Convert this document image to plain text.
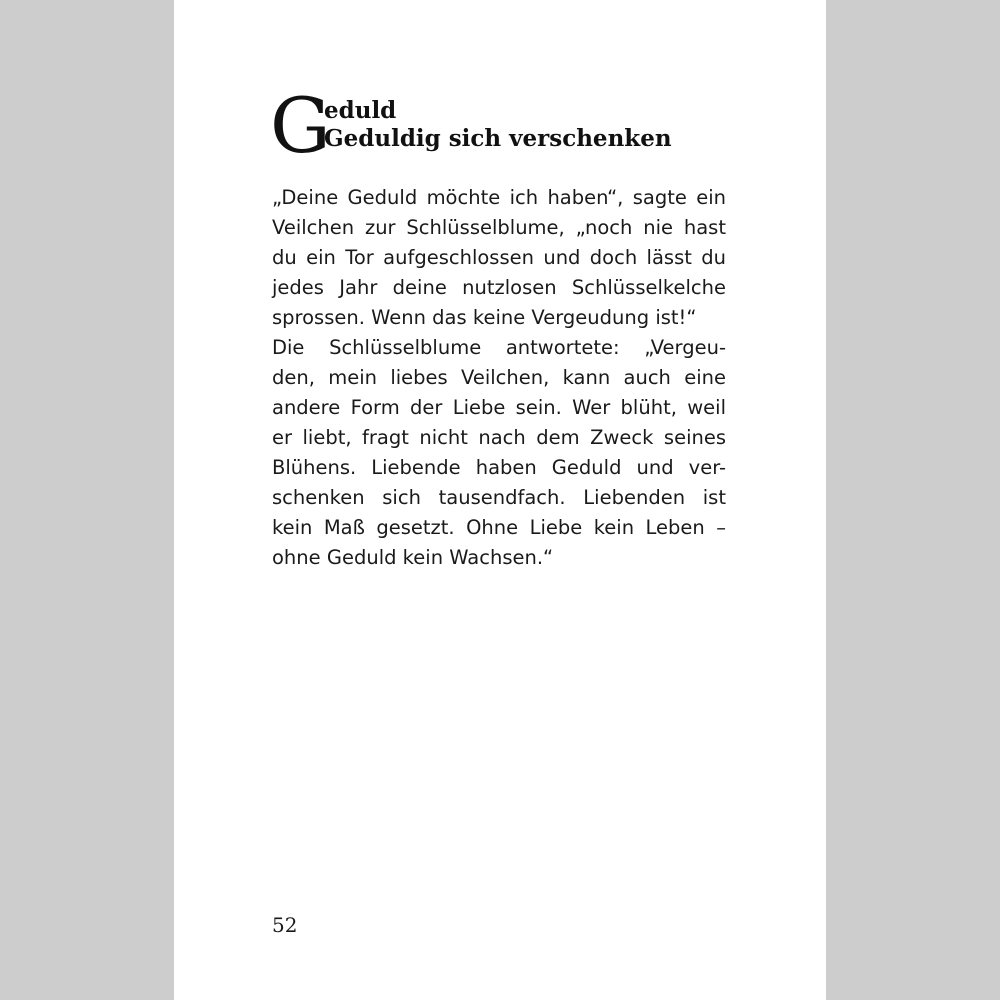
G
eduld
Geduldig sich verschenken
„Deine Geduld möchte ich haben“, sagte ein
Veilchen zur Schlüsselblume, „noch nie hast
du ein Tor aufgeschlossen und doch lässt du
jedes Jahr deine nutzlosen Schlüsselkelche
sprossen. Wenn das keine Vergeudung ist!“
Die Schlüsselblume antwortete: „Vergeu-
den, mein liebes Veilchen, kann auch eine
andere Form der Liebe sein. Wer blüht, weil
er liebt, fragt nicht nach dem Zweck seines
Blühens. Liebende haben Geduld und ver-
schenken sich tausendfach. Liebenden ist
kein Maß gesetzt. Ohne Liebe kein Leben –
ohne Geduld kein Wachsen.“
52
